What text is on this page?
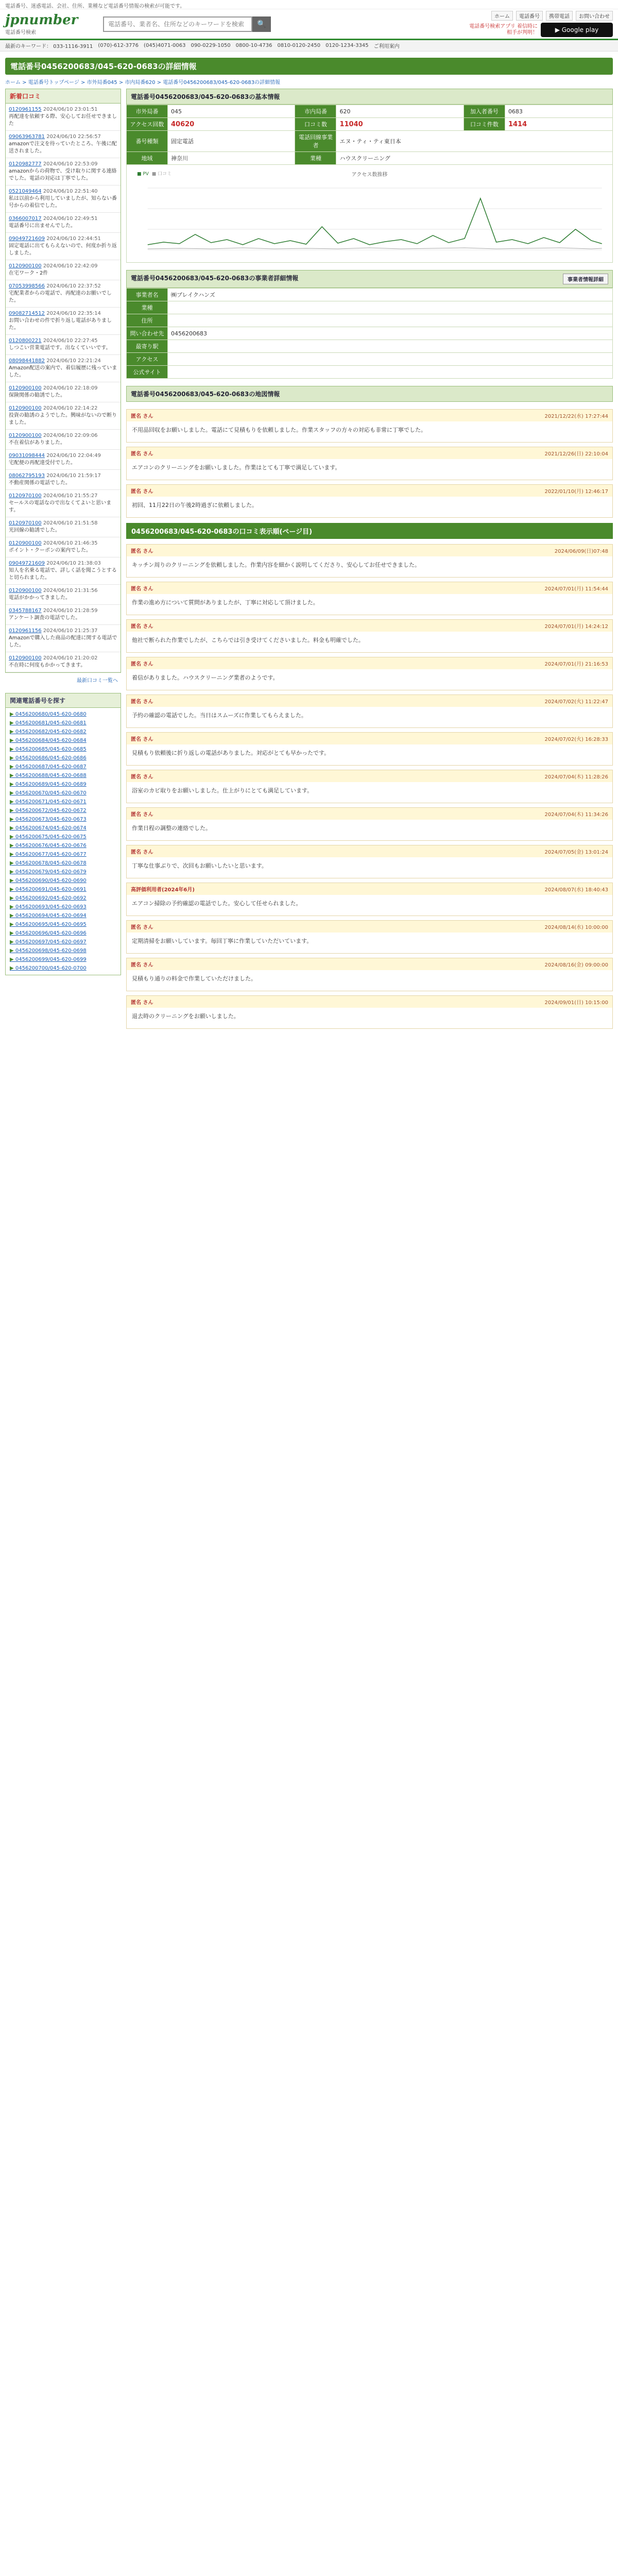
電話番号、迷惑電話、会社、住所、業種など電話番号情報の検索が可能です。
jpnumber
電話番号検索
電話番号、業者名、住所などのキーワードを検索
🔍
ホーム	電話番号	携帯電話	お問い合わせ
電話番号検索アプリ 着信時に相手が判明！	▶ Google play
最新のキーワード： 033-1116-3911 (070)-612-3776 (045)4071-0063 090-0229-1050 0800-10-4736 0810-0120-2450 0120-1234-3345 ご利用案内
電話番号0456200683/045-620-0683の詳細情報
ホーム > 電話番号トップページ > 市外局番045 > 市内局番620 > 電話番号0456200683/045-620-0683の詳細情報
新着口コミ
0120961155 2024/06/10 23:01:51
再配達を依頼する際、安心してお任せできました
09063963781 2024/06/10 22:56:57
amazonで注文を待っていたところ、午後に配送されました。
0120982777 2024/06/10 22:53:09
amazonからの荷物で、受け取りに関する連絡でした。電話の対応は丁寧でした。
0521049464 2024/06/10 22:51:40
私は以前から利用していましたが、知らない番号からの着信でした。
0366007017 2024/06/10 22:49:51
電話番号に出ませんでした。
09049721609 2024/06/10 22:44:51
固定電話に出てもらえないので、何度か折り返しました。
0120900100 2024/06/10 22:42:09
在宅ワーク・2件
07053998566 2024/06/10 22:37:52
宅配業者からの電話で、再配達のお願いでした。
09082714512 2024/06/10 22:35:14
お問い合わせの件で折り返し電話がありました。
0120800221 2024/06/10 22:27:45
しつこい営業電話です。出なくていいです。
08098441882 2024/06/10 22:21:24
Amazon配送の案内で、着信履歴に残っていました。
0120900100 2024/06/10 22:18:09
保険関係の勧誘でした。
0120900100 2024/06/10 22:14:22
投資の勧誘のようでした。興味がないので断りました。
0120900100 2024/06/10 22:09:06
不在着信がありました。
09031098444 2024/06/10 22:04:49
宅配便の再配達受付でした。
08062795193 2024/06/10 21:59:17
不動産関係の電話でした。
0120970100 2024/06/10 21:55:27
セールスの電話なので出なくてよいと思います。
0120970100 2024/06/10 21:51:58
光回線の勧誘でした。
0120900100 2024/06/10 21:46:35
ポイント・クーポンの案内でした。
09049721609 2024/06/10 21:38:03
知人を名乗る電話で、詳しく話を聞こうとすると切られました。
0120900100 2024/06/10 21:31:56
電話がかかってきました。
0345788167 2024/06/10 21:28:59
アンケート調査の電話でした。
0120961156 2024/06/10 21:25:37
Amazonで購入した商品の配達に関する電話でした。
0120900100 2024/06/10 21:20:02
不在時に何度もかかってきます。
最新口コミ一覧へ
関連電話番号を探す
▶ 0456200680/045-620-0680
▶ 0456200681/045-620-0681
▶ 0456200682/045-620-0682
▶ 0456200684/045-620-0684
▶ 0456200685/045-620-0685
▶ 0456200686/045-620-0686
▶ 0456200687/045-620-0687
▶ 0456200688/045-620-0688
▶ 0456200689/045-620-0689
▶ 0456200670/045-620-0670
▶ 0456200671/045-620-0671
▶ 0456200672/045-620-0672
▶ 0456200673/045-620-0673
▶ 0456200674/045-620-0674
▶ 0456200675/045-620-0675
▶ 0456200676/045-620-0676
▶ 0456200677/045-620-0677
▶ 0456200678/045-620-0678
▶ 0456200679/045-620-0679
▶ 0456200690/045-620-0690
▶ 0456200691/045-620-0691
▶ 0456200692/045-620-0692
▶ 0456200693/045-620-0693
▶ 0456200694/045-620-0694
▶ 0456200695/045-620-0695
▶ 0456200696/045-620-0696
▶ 0456200697/045-620-0697
▶ 0456200698/045-620-0698
▶ 0456200699/045-620-0699
▶ 0456200700/045-620-0700
電話番号0456200683/045-620-0683の基本情報
市外局番	045	市内局番	620	加入者番号	0683
アクセス回数	40620	口コミ数	11040	口コミ件数	1414
番号種類	固定電話	電話回線事業者	エヌ・ティ・ティ東日本		
地域	神奈川	業種	ハウスクリーニング		
アクセス数推移
■ PV ■ 口コミ
電話番号0456200683/045-620-0683の事業者詳細情報	事業者情報詳細
事業者名	㈱ブレイクハンズ
業種	
住所	
問い合わせ先	0456200683
最寄り駅	
アクセス	
公式サイト	
電話番号0456200683/045-620-0683の地図情報
匿名 さん	2021/12/22(水) 17:27:44
不用品回収をお願いしました。電話にて見積もりを依頼しました。作業スタッフの方々の対応も非常に丁寧でした。
匿名 さん	2021/12/26(日) 22:10:04
エアコンのクリーニングをお願いしました。作業はとても丁寧で満足しています。
匿名 さん	2022/01/10(月) 12:46:17
初回、11月22日の午後2時過ぎに依頼しました。
0456200683/045-620-0683の口コミ表示順(ページ目)
匿名 さん	2024/06/09(日)07:48
キッチン周りのクリーニングを依頼しました。作業内容を細かく説明してくださり、安心してお任せできました。
匿名 さん	2024/07/01(月) 11:54:44
作業の進め方について質問がありましたが、丁寧に対応して頂けました。
匿名 さん	2024/07/01(月) 14:24:12
他社で断られた作業でしたが、こちらでは引き受けてくださいました。料金も明確でした。
匿名 さん	2024/07/01(月) 21:16:53
着信がありました。ハウスクリーニング業者のようです。
匿名 さん	2024/07/02(火) 11:22:47
予約の確認の電話でした。当日はスムーズに作業してもらえました。
匿名 さん	2024/07/02(火) 16:28:33
見積もり依頼後に折り返しの電話がありました。対応がとても早かったです。
匿名 さん	2024/07/04(木) 11:28:26
浴室のカビ取りをお願いしました。仕上がりにとても満足しています。
匿名 さん	2024/07/04(木) 11:34:26
作業日程の調整の連絡でした。
匿名 さん	2024/07/05(金) 13:01:24
丁寧な仕事ぶりで、次回もお願いしたいと思います。
高評価利用者(2024年6月)	2024/08/07(水) 18:40:43
エアコン掃除の予約確認の電話でした。安心して任せられました。
匿名 さん	2024/08/14(水) 10:00:00
定期清掃をお願いしています。毎回丁寧に作業していただいています。
匿名 さん	2024/08/16(金) 09:00:00
見積もり通りの料金で作業していただけました。
匿名 さん	2024/09/01(日) 10:15:00
退去時のクリーニングをお願いしました。
